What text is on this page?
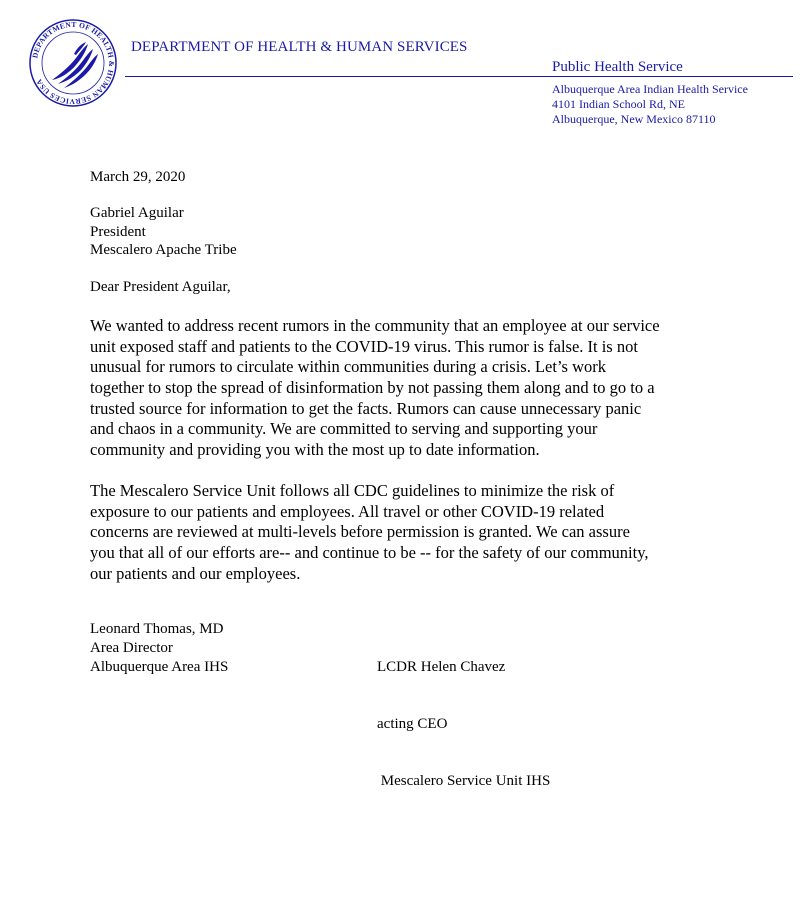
DEPARTMENT OF HEALTH & HUMAN SERVICES USA
DEPARTMENT OF HEALTH & HUMAN SERVICES
Public Health Service
Albuquerque Area Indian Health Service
4101 Indian School Rd, NE
Albuquerque, New Mexico 87110
March 29, 2020
Gabriel Aguilar
President
Mescalero Apache Tribe
Dear President Aguilar,
We wanted to address recent rumors in the community that an employee at our service
unit exposed staff and patients to the COVID-19 virus. This rumor is false. It is not
unusual for rumors to circulate within communities during a crisis. Let’s work
together to stop the spread of disinformation by not passing them along and to go to a
trusted source for information to get the facts. Rumors can cause unnecessary panic
and chaos in a community. We are committed to serving and supporting your
community and providing you with the most up to date information.
The Mescalero Service Unit follows all CDC guidelines to minimize the risk of
exposure to our patients and employees. All travel or other COVID-19 related
concerns are reviewed at multi-levels before permission is granted. We can assure
you that all of our efforts are-- and continue to be -- for the safety of our community,
our patients and our employees.
Leonard Thomas, MD
Area Director
Albuquerque Area IHS

	LCDR Helen Chavez

acting CEO

Mescalero Service Unit IHS
